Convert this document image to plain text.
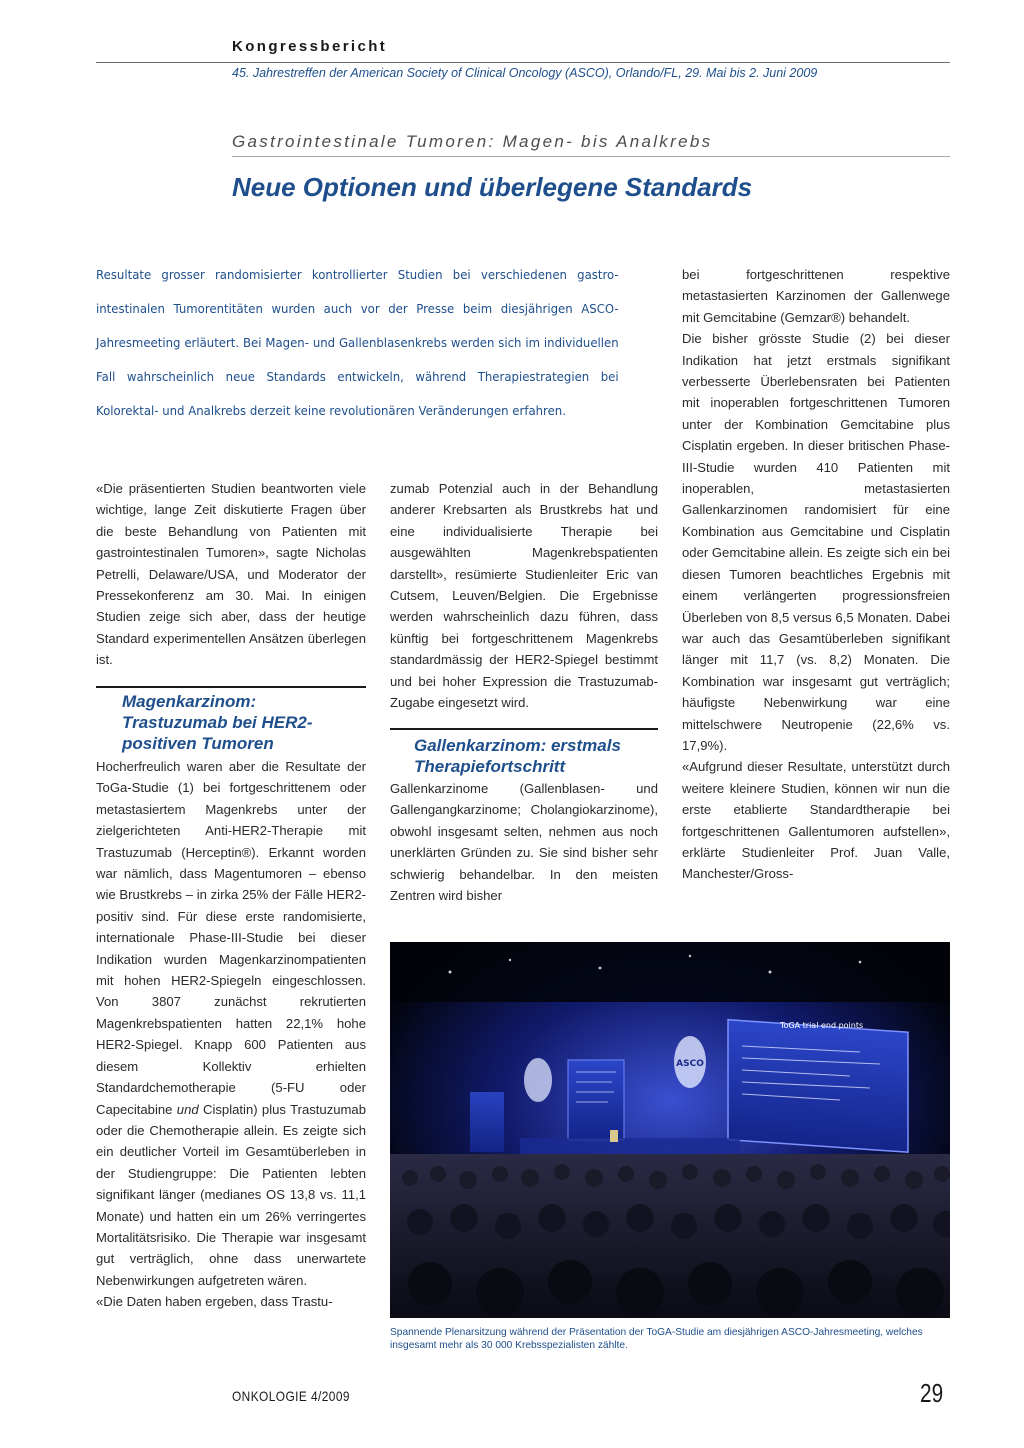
Kongressbericht
45. Jahrestreffen der American Society of Clinical Oncology (ASCO), Orlando/FL, 29. Mai bis 2. Juni 2009
Gastrointestinale Tumoren: Magen- bis Analkrebs
Neue Optionen und überlegene Standards
Resultate grosser randomisierter kontrollierter Studien bei verschiedenen gastro-intestinalen Tumorentitäten wurden auch vor der Presse beim diesjährigen ASCO-Jahresmeeting erläutert. Bei Magen- und Gallenblasenkrebs werden sich im individuellen Fall wahrscheinlich neue Standards entwickeln, während Therapiestrategien bei Kolorektal- und Analkrebs derzeit keine revolutionären Veränderungen erfahren.
«Die präsentierten Studien beantworten viele wichtige, lange Zeit diskutierte Fragen über die beste Behandlung von Patienten mit gastrointestinalen Tumoren», sagte Nicholas Petrelli, Delaware/USA, und Moderator der Pressekonferenz am 30. Mai. In einigen Studien zeige sich aber, dass der heutige Standard experimentellen Ansätzen überlegen ist.
Magenkarzinom: Trastuzumab bei HER2-positiven Tumoren
Hocherfreulich waren aber die Resultate der ToGa-Studie (1) bei fortgeschrittenem oder metastasiertem Magenkrebs unter der zielgerichteten Anti-HER2-Therapie mit Trastuzumab (Herceptin®). Erkannt worden war nämlich, dass Magentumoren – ebenso wie Brustkrebs – in zirka 25% der Fälle HER2-positiv sind. Für diese erste randomisierte, internationale Phase-III-Studie bei dieser Indikation wurden Magenkarzinompatienten mit hohen HER2-Spiegeln eingeschlossen. Von 3807 zunächst rekrutierten Magenkrebspatienten hatten 22,1% hohe HER2-Spiegel. Knapp 600 Patienten aus diesem Kollektiv erhielten Standardchemotherapie (5-FU oder Capecitabine und Cisplatin) plus Trastuzumab oder die Chemotherapie allein. Es zeigte sich ein deutlicher Vorteil im Gesamtüberleben in der Studiengruppe: Die Patienten lebten signifikant länger (medianes OS 13,8 vs. 11,1 Monate) und hatten ein um 26% verringertes Mortalitätsrisiko. Die Therapie war insgesamt gut verträglich, ohne dass unerwartete Nebenwirkungen aufgetreten wären.
«Die Daten haben ergeben, dass Trastu-
zumab Potenzial auch in der Behandlung anderer Krebsarten als Brustkrebs hat und eine individualisierte Therapie bei ausgewählten Magenkrebspatienten darstellt», resümierte Studienleiter Eric van Cutsem, Leuven/Belgien. Die Ergebnisse werden wahrscheinlich dazu führen, dass künftig bei fortgeschrittenem Magenkrebs standardmässig der HER2-Spiegel bestimmt und bei hoher Expression die Trastuzumab-Zugabe eingesetzt wird.
Gallenkarzinom: erstmals Therapiefortschritt
Gallenkarzinome (Gallenblasen- und Gallengangkarzinome; Cholangiokarzinome), obwohl insgesamt selten, nehmen aus noch unerklärten Gründen zu. Sie sind bisher sehr schwierig behandelbar. In den meisten Zentren wird bisher
bei fortgeschrittenen respektive metastasierten Karzinomen der Gallenwege mit Gemcitabine (Gemzar®) behandelt.
Die bisher grösste Studie (2) bei dieser Indikation hat jetzt erstmals signifikant verbesserte Überlebensraten bei Patienten mit inoperablen fortgeschrittenen Tumoren unter der Kombination Gemcitabine plus Cisplatin ergeben. In dieser britischen Phase-III-Studie wurden 410 Patienten mit inoperablen, metastasierten Gallenkarzinomen randomisiert für eine Kombination aus Gemcitabine und Cisplatin oder Gemcitabine allein. Es zeigte sich ein bei diesen Tumoren beachtliches Ergebnis mit einem verlängerten progressionsfreien Überleben von 8,5 versus 6,5 Monaten. Dabei war auch das Gesamtüberleben signifikant länger mit 11,7 (vs. 8,2) Monaten. Die Kombination war insgesamt gut verträglich; häufigste Nebenwirkung war eine mittelschwere Neutropenie (22,6% vs. 17,9%).
«Aufgrund dieser Resultate, unterstützt durch weitere kleinere Studien, können wir nun die erste etablierte Standardtherapie bei fortgeschrittenen Gallentumoren aufstellen», erklärte Studienleiter Prof. Juan Valle, Manchester/Gross-
ASCO
ToGA trial end points
Spannende Plenarsitzung während der Präsentation der ToGA-Studie am diesjährigen ASCO-Jahresmeeting, welches insgesamt mehr als 30 000 Krebsspezialisten zählte.
ONKOLOGIE 4/2009	29
